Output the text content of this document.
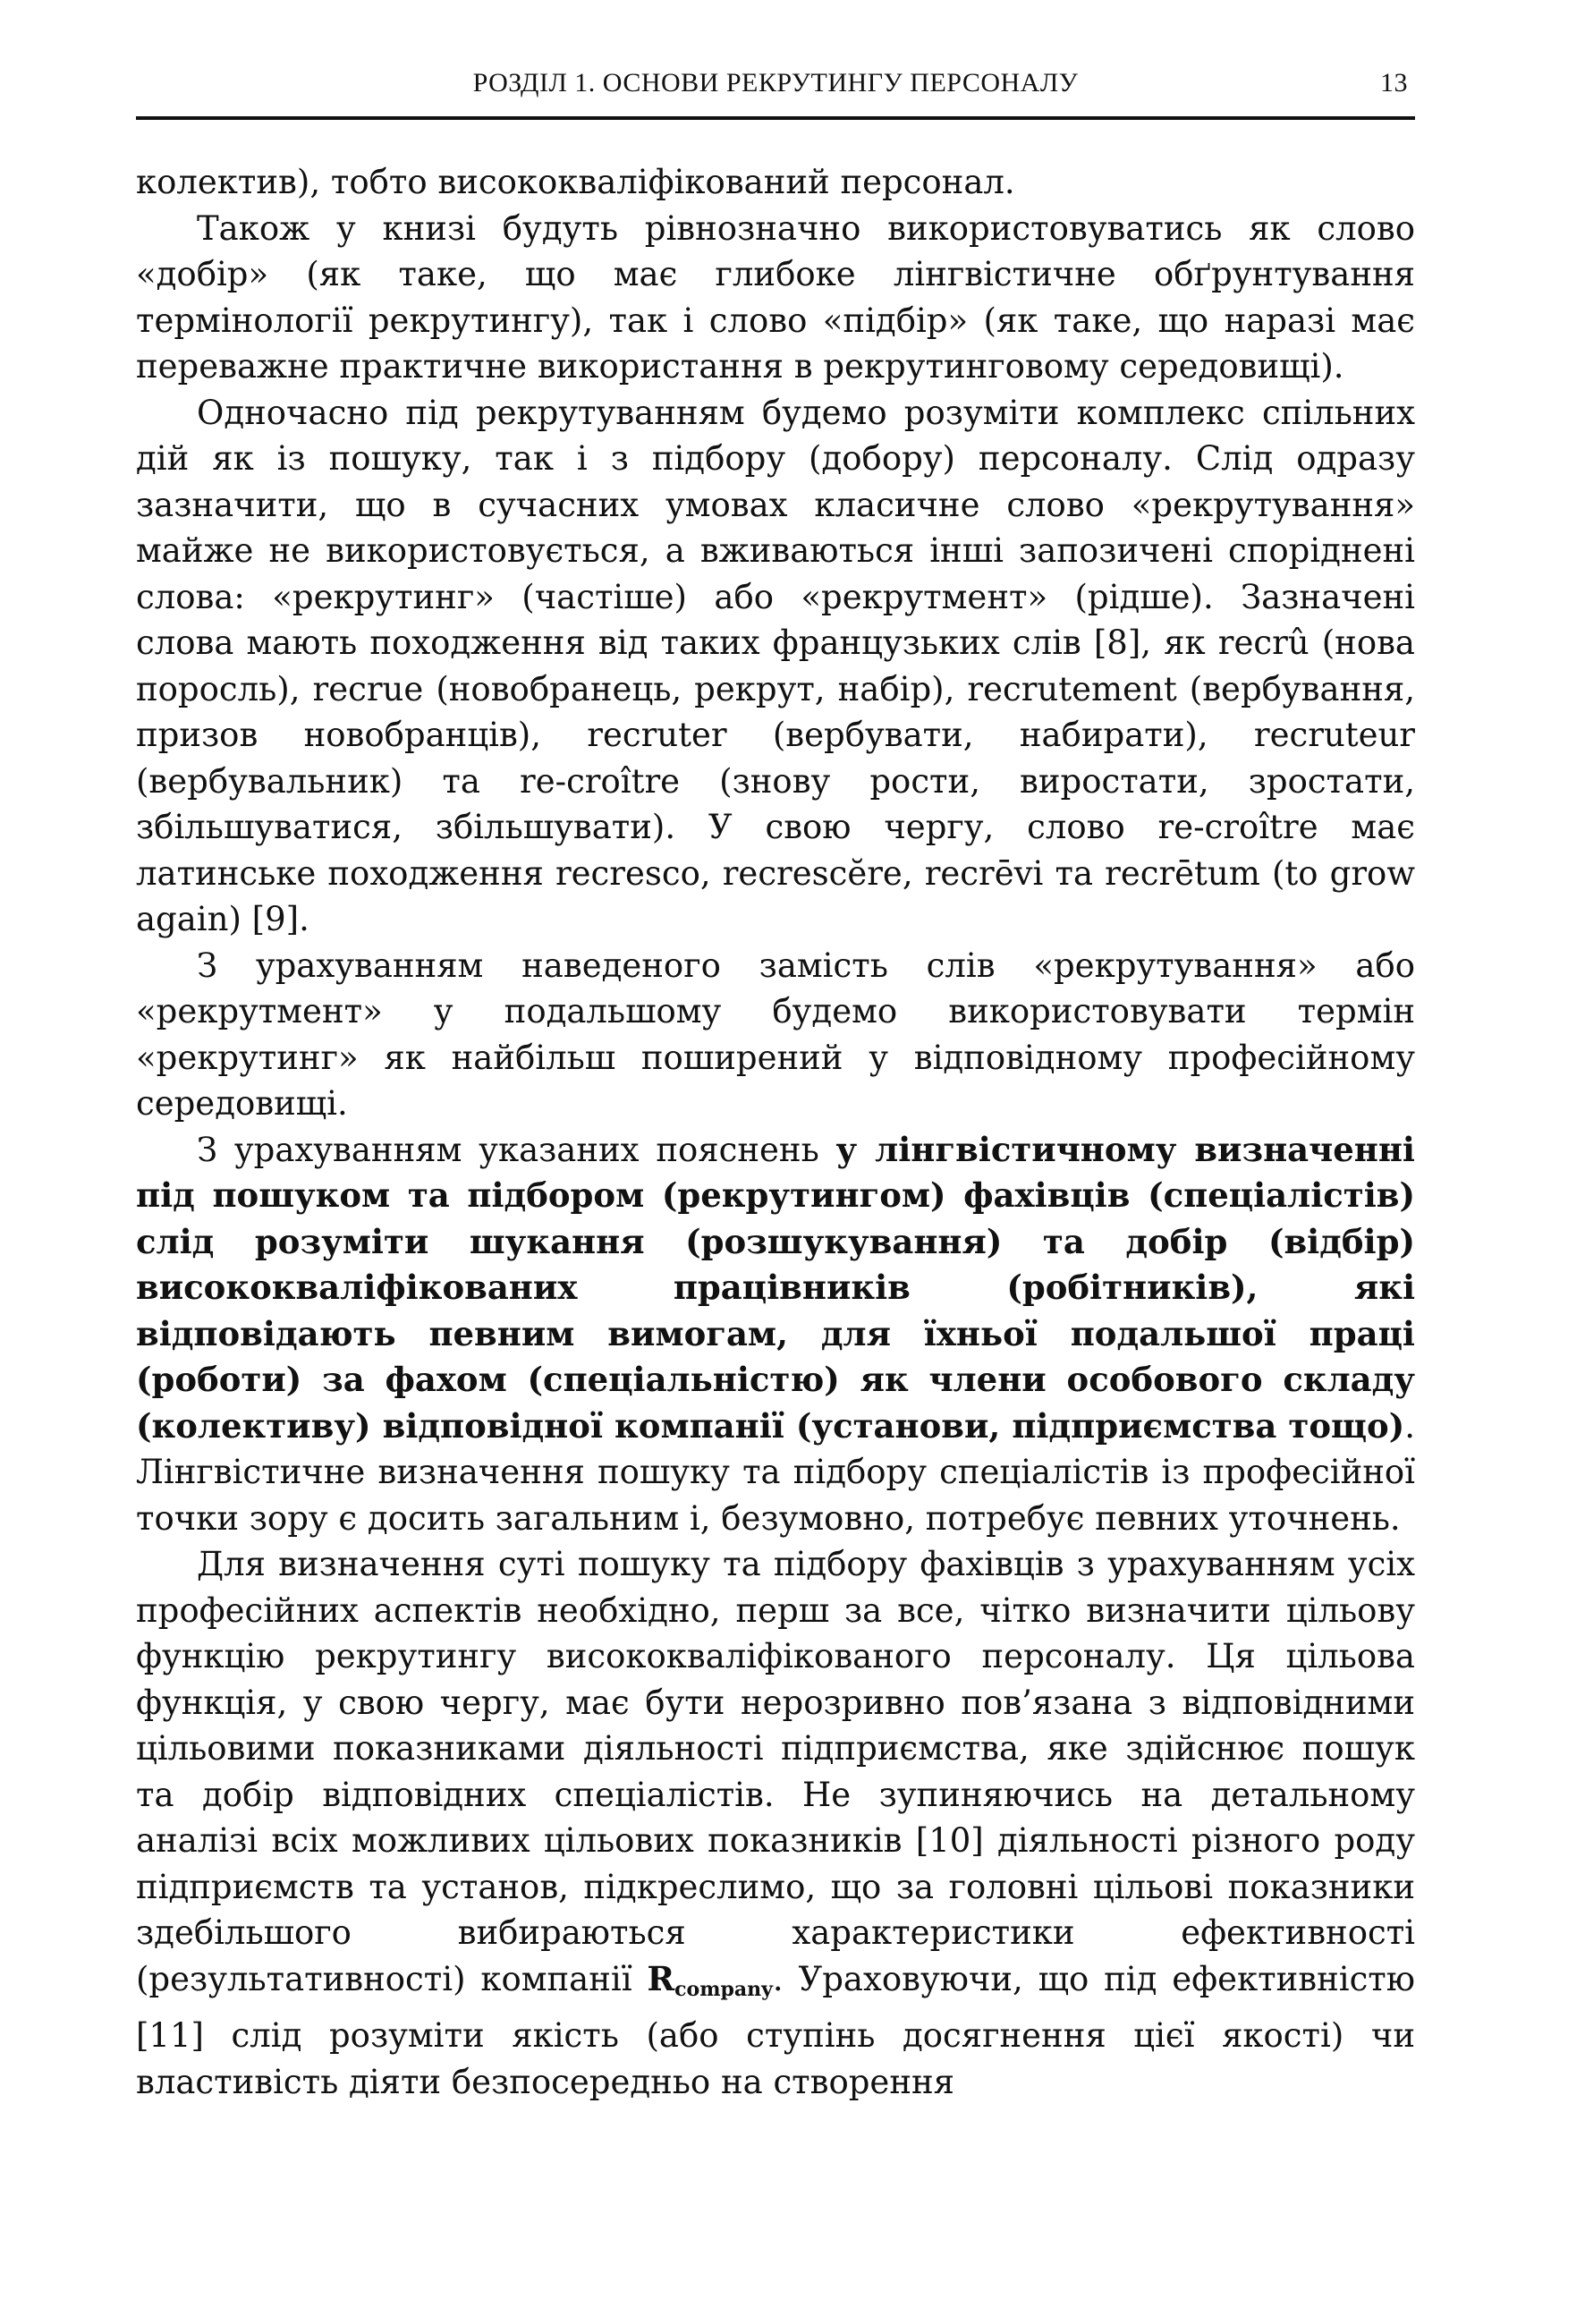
РОЗДІЛ 1. ОСНОВИ РЕКРУТИНГУ ПЕРСОНАЛУ	13

колектив), тобто висококваліфікований персонал.

Також у книзі будуть рівнозначно використовуватись як слово «добір» (як таке, що має глибоке лінгвістичне обґрунтування термінології рекрутингу), так і слово «підбір» (як таке, що наразі має переважне практичне використання в рекрутинговому середовищі).

Одночасно під рекрутуванням будемо розуміти комплекс спільних дій як із пошуку, так і з підбору (добору) персоналу. Слід одразу зазначити, що в сучасних умовах класичне слово «рекрутування» майже не використовується, а вживаються інші запозичені споріднені слова: «рекрутинг» (частіше) або «рекрутмент» (рідше). Зазначені слова мають походження від таких французьких слів [8], як recrû (нова поросль), recrue (новобранець, рекрут, набір), recrutement (вербування, призов новобранців), recruter (вербувати, набирати), recruteur (вербувальник) та re-croître (знову рости, виростати, зростати, збільшуватися, збільшувати). У свою чергу, слово re-croître має латинське походження recresco, recrescĕre, recrēvi та recrētum (to grow again) [9].

З урахуванням наведеного замість слів «рекрутування» або «рекрутмент» у подальшому будемо використовувати термін «рекрутинг» як найбільш поширений у відповідному професійному середовищі.

З урахуванням указаних пояснень у лінгвістичному визначенні під пошуком та підбором (рекрутингом) фахівців (спеціалістів) слід розуміти шукання (розшукування) та добір (відбір) висококваліфікованих працівників (робітників), які відповідають певним вимогам, для їхньої подальшої праці (роботи) за фахом (спеціальністю) як члени особового складу (колективу) відповідної компанії (установи, підприємства тощо). Лінгвістичне визначення пошуку та підбору спеціалістів із професійної точки зору є досить загальним і, безумовно, потребує певних уточнень.

Для визначення суті пошуку та підбору фахівців з урахуванням усіх професійних аспектів необхідно, перш за все, чітко визначити цільову функцію рекрутингу висококваліфікованого персоналу. Ця цільова функція, у свою чергу, має бути нерозривно пов’язана з відповідними цільовими показниками діяльності підприємства, яке здійснює пошук та добір відповідних спеціалістів. Не зупиняючись на детальному аналізі всіх можливих цільових показників [10] діяльності різного роду підприємств та установ, підкреслимо, що за головні цільові показники здебільшого вибираються характеристики ефективності (результативності) компанії $R_{company}$. Ураховуючи, що під ефективністю [11] слід розуміти якість (або ступінь досягнення цієї якості) чи властивість діяти безпосередньо на створення
